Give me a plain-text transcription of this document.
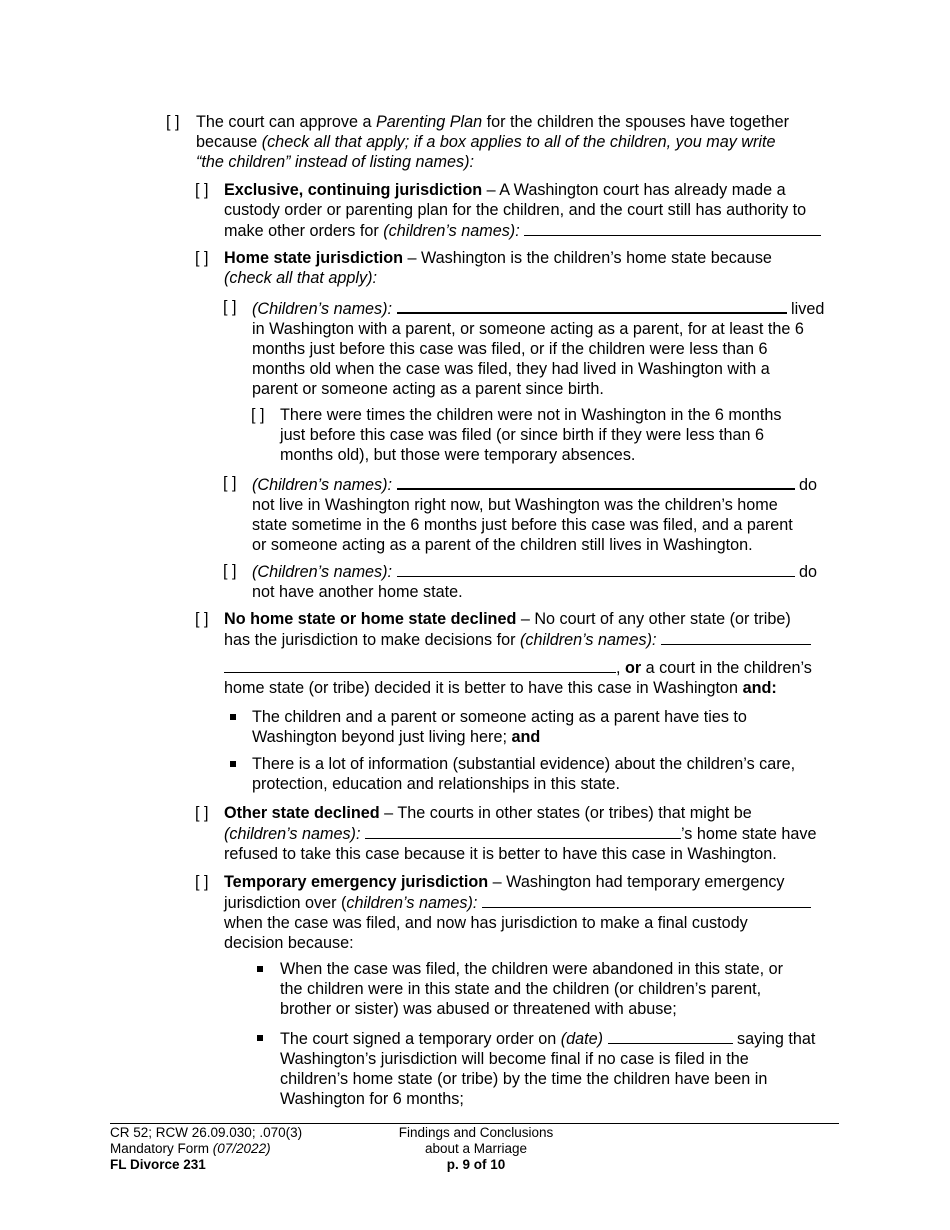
[ ] The court can approve a Parenting Plan for the children the spouses have together
because (check all that apply; if a box applies to all of the children, you may write
“the children” instead of listing names):
[ ] Exclusive, continuing jurisdiction – A Washington court has already made a
custody order or parenting plan for the children, and the court still has authority to
make other orders for (children’s names):
[ ] Home state jurisdiction – Washington is the children’s home state because
(check all that apply):
[ ] (Children’s names):	lived
in Washington with a parent, or someone acting as a parent, for at least the 6
months just before this case was filed, or if the children were less than 6
months old when the case was filed, they had lived in Washington with a
parent or someone acting as a parent since birth.
[ ] There were times the children were not in Washington in the 6 months
just before this case was filed (or since birth if they were less than 6
months old), but those were temporary absences.
[ ] (Children’s names):	do
not live in Washington right now, but Washington was the children’s home
state sometime in the 6 months just before this case was filed, and a parent
or someone acting as a parent of the children still lives in Washington.
[ ] (Children’s names):	do
not have another home state.
[ ] No home state or home state declined – No court of any other state (or tribe)
has the jurisdiction to make decisions for (children’s names):
, or a court in the children’s
home state (or tribe) decided it is better to have this case in Washington and:
The children and a parent or someone acting as a parent have ties to
Washington beyond just living here; and
There is a lot of information (substantial evidence) about the children’s care,
protection, education and relationships in this state.
[ ] Other state declined – The courts in other states (or tribes) that might be
(children’s names):	’s home state have
refused to take this case because it is better to have this case in Washington.
[ ] Temporary emergency jurisdiction – Washington had temporary emergency
jurisdiction over (children’s names):
when the case was filed, and now has jurisdiction to make a final custody
decision because:
When the case was filed, the children were abandoned in this state, or
the children were in this state and the children (or children’s parent,
brother or sister) was abused or threatened with abuse;
The court signed a temporary order on (date)	saying that
Washington’s jurisdiction will become final if no case is filed in the
children’s home state (or tribe) by the time the children have been in
Washington for 6 months;
CR 52; RCW 26.09.030; .070(3)
Mandatory Form (07/2022)
FL Divorce 231
Findings and Conclusions
about a Marriage
p. 9 of 10
